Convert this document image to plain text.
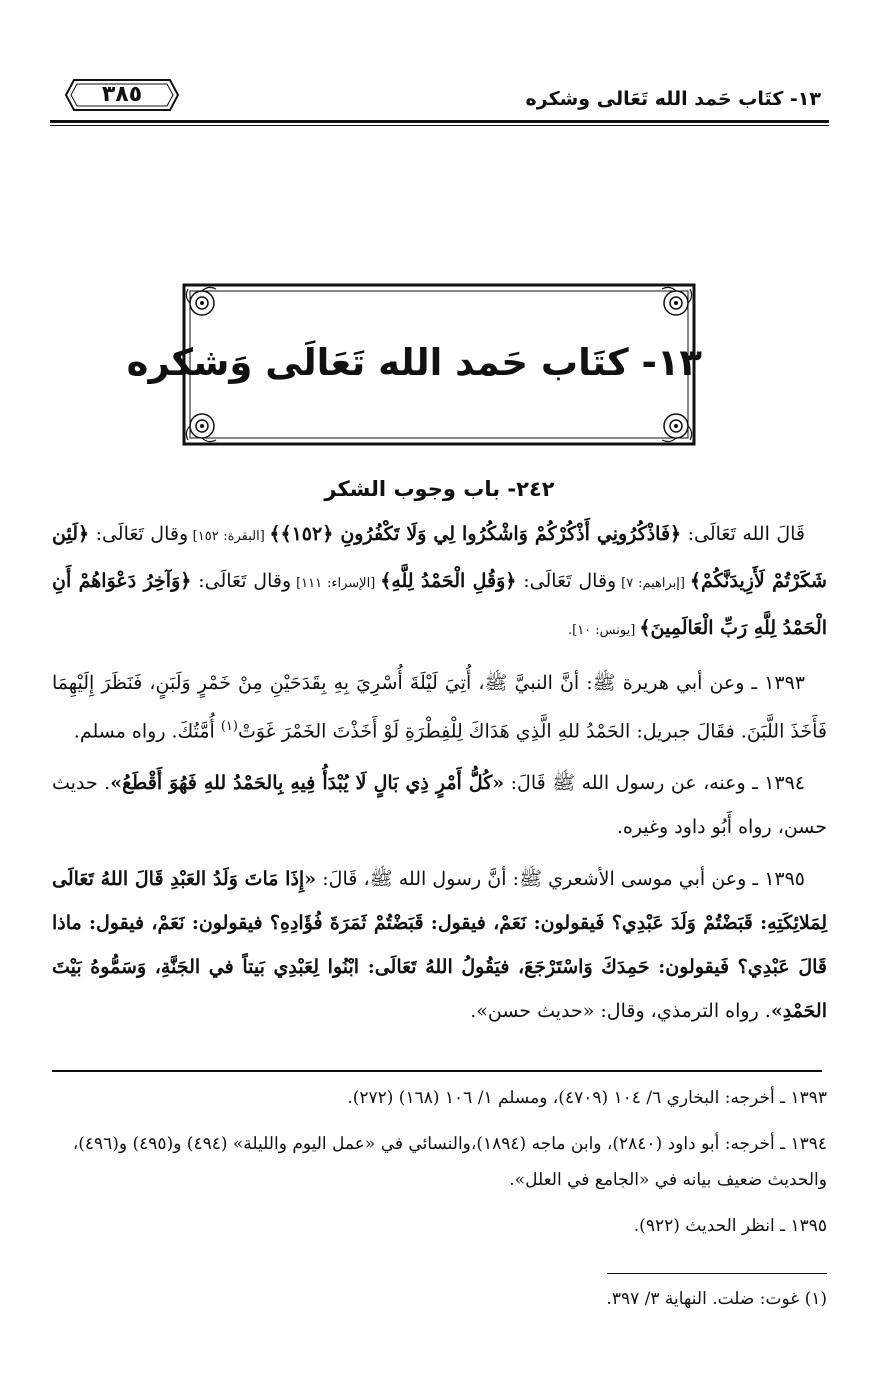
١٣- كتَاب حَمد الله تَعَالى وشكره
٣٨٥
١٣- كتَاب حَمد الله تَعَالَى وَشكره
٢٤٢- باب وجوب الشكر

قَالَ الله تَعَالَى: ﴿فَاذْكُرُونِي أَذْكُرْكُمْ وَاشْكُرُوا لِي وَلَا تَكْفُرُونِ ﴿١٥٢﴾﴾ [البقرة: ١٥٢] وقال تَعَالَى: ﴿لَئِن شَكَرْتُمْ لَأَزِيدَنَّكُمْ﴾ [إبراهيم: ٧] وقال تَعَالَى: ﴿وَقُلِ الْحَمْدُ لِلَّهِ﴾ [الإسراء: ١١١] وقال تَعَالَى: ﴿وَآخِرُ دَعْوَاهُمْ أَنِ الْحَمْدُ لِلَّهِ رَبِّ الْعَالَمِينَ﴾ [يونس: ١٠].

١٣٩٣ ـ وعن أبي هريرة ﷺ: أنَّ النبيَّ ﷺ، أُتِيَ لَيْلَةَ أُسْرِيَ بِهِ بِقَدَحَيْنِ مِنْ خَمْرٍ وَلَبَنٍ، فَنَظَرَ إِلَيْهِمَا فَأَخَذَ اللَّبَنَ. فقَالَ جبريل: الحَمْدُ للهِ الَّذِي هَدَاكَ لِلْفِطْرَةِ لَوْ أَخَذْتَ الخَمْرَ غَوَتْ$^{(١)}$ أُمَّتُكَ. رواه مسلم.

١٣٩٤ ـ وعنه، عن رسول الله ﷺ قَالَ: «كُلُّ أَمْرٍ ذِي بَالٍ لَا يُبْدَأُ فِيهِ بِالحَمْدُ للهِ فَهُوَ أَقْطَعُ». حديث حسن، رواه أَبُو داود وغيره.

١٣٩٥ ـ وعن أبي موسى الأشعري ﷺ: أنَّ رسول الله ﷺ، قَالَ: «إِذَا مَاتَ وَلَدُ العَبْدِ قَالَ اللهُ تَعَالَى لِمَلائِكَتِهِ: قَبَضْتُمْ وَلَدَ عَبْدِي؟ فَيقولون: نَعَمْ، فيقول: قَبَضْتُمْ ثَمَرَةَ فُؤَادِهِ؟ فيقولون: نَعَمْ، فيقول: ماذا قَالَ عَبْدِي؟ فَيقولون: حَمِدَكَ وَاسْتَرْجَعَ، فيَقُولُ اللهُ تَعَالَى: ابْنُوا لِعَبْدِي بَيتاً في الجَنَّةِ، وَسَمُّوهُ بَيْتَ الحَمْدِ». رواه الترمذي، وقال: «حديث حسن».

١٣٩٣ ـ أخرجه: البخاري ٦/ ١٠٤ (٤٧٠٩)، ومسلم ١/ ١٠٦ (١٦٨) (٢٧٢).

١٣٩٤ ـ أخرجه: أبو داود (٢٨٤٠)، وابن ماجه (١٨٩٤)،والنسائي في «عمل اليوم والليلة» (٤٩٤) و(٤٩٥) و(٤٩٦)، والحديث ضعيف بيانه في «الجامع في العلل».

١٣٩٥ ـ انظر الحديث (٩٢٢).

(١) غوت: ضلت. النهاية ٣/ ٣٩٧.
